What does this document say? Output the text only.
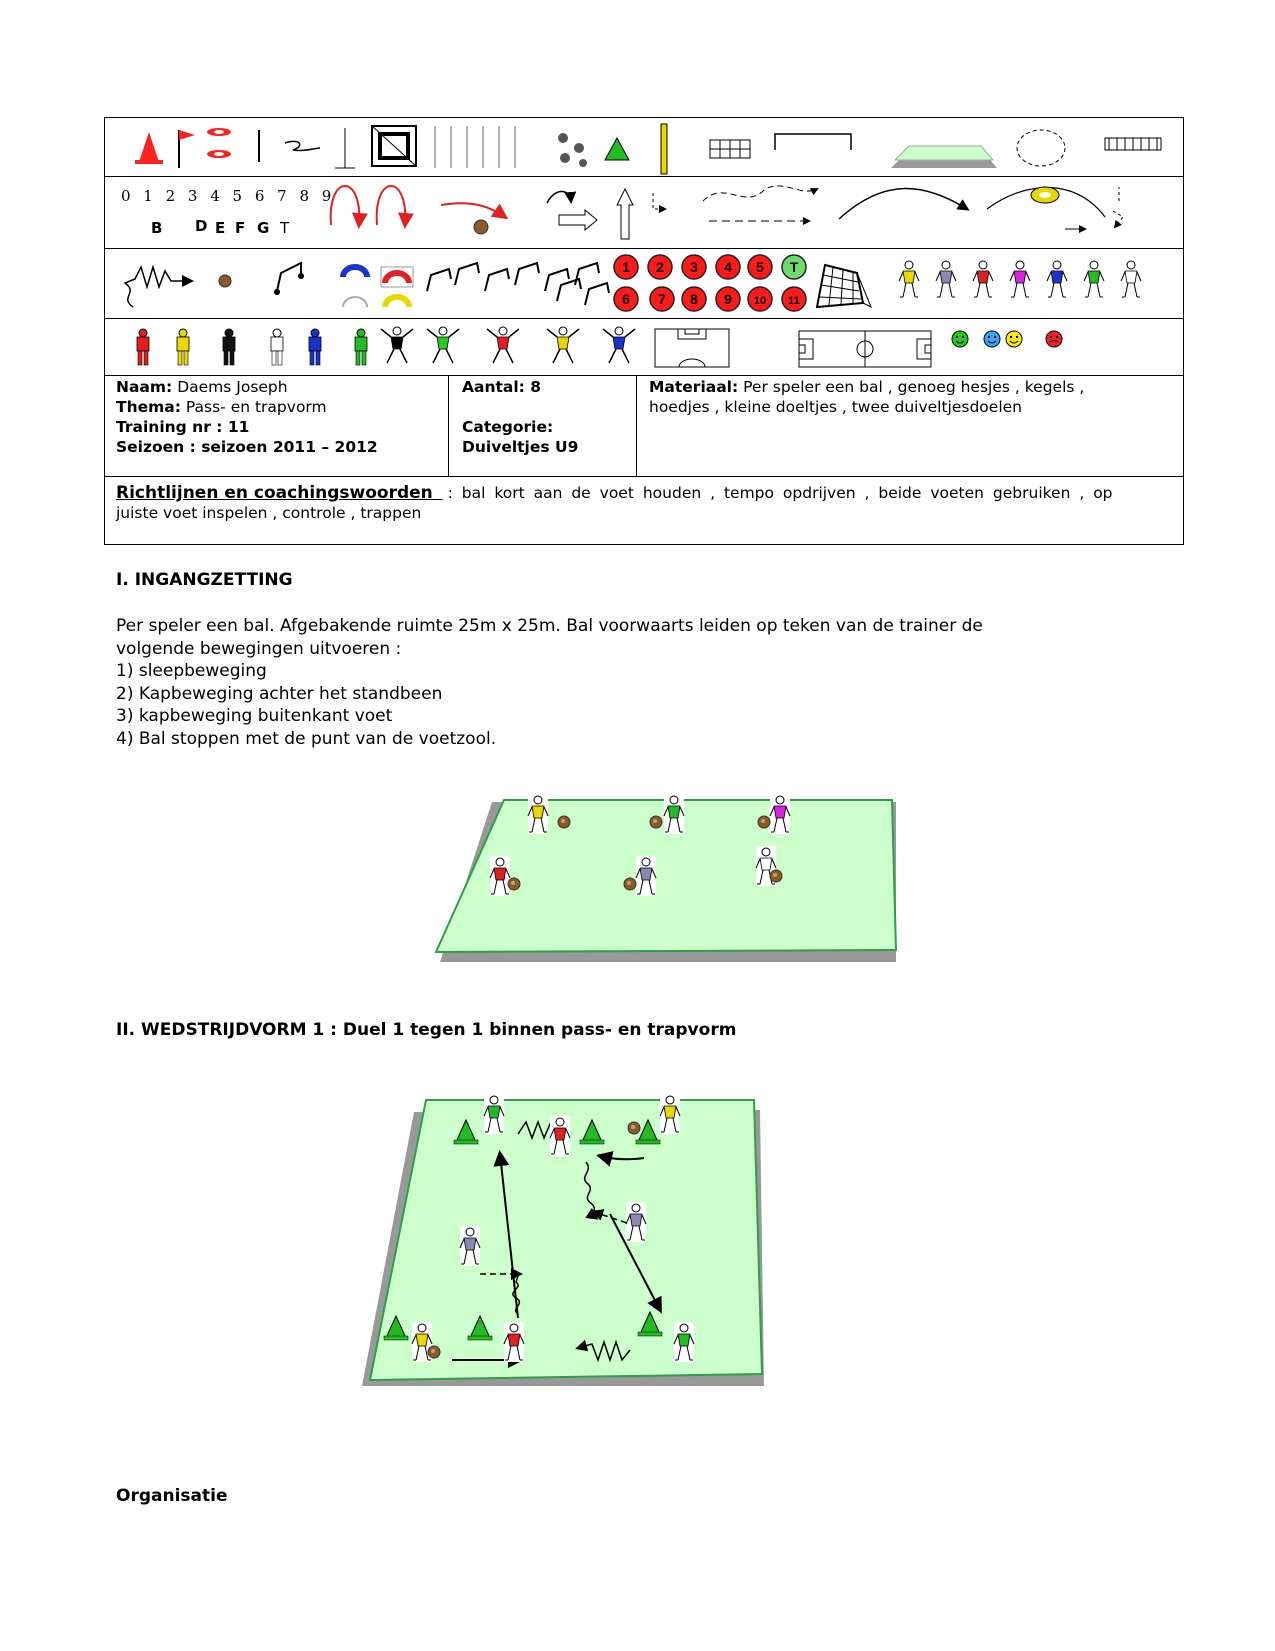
0 1 2 3 4 5 6 7 8 9
B D E F G T
1 2 3 4 5 T
6 7 8 9 10 11
Naam: Daems Joseph
Thema: Pass- en trapvorm
Training nr : 11
Seizoen : seizoen 2011 – 2012
Aantal: 8

Categorie:
Duiveltjes U9
Materiaal: Per speler een bal , genoeg hesjes , kegels ,
hoedjes , kleine doeltjes , twee duiveltjesdoelen
Richtlijnen en coachingswoorden : bal kort aan de voet houden , tempo opdrijven , beide voeten gebruiken , op
juiste voet inspelen , controle , trappen
I. INGANGZETTING
Per speler een bal. Afgebakende ruimte 25m x 25m. Bal voorwaarts leiden op teken van de trainer de
volgende bewegingen uitvoeren :
1) sleepbeweging
2) Kapbeweging achter het standbeen
3) kapbeweging buitenkant voet
4) Bal stoppen met de punt van de voetzool.
II. WEDSTRIJDVORM 1 : Duel 1 tegen 1 binnen pass- en trapvorm
Organisatie
